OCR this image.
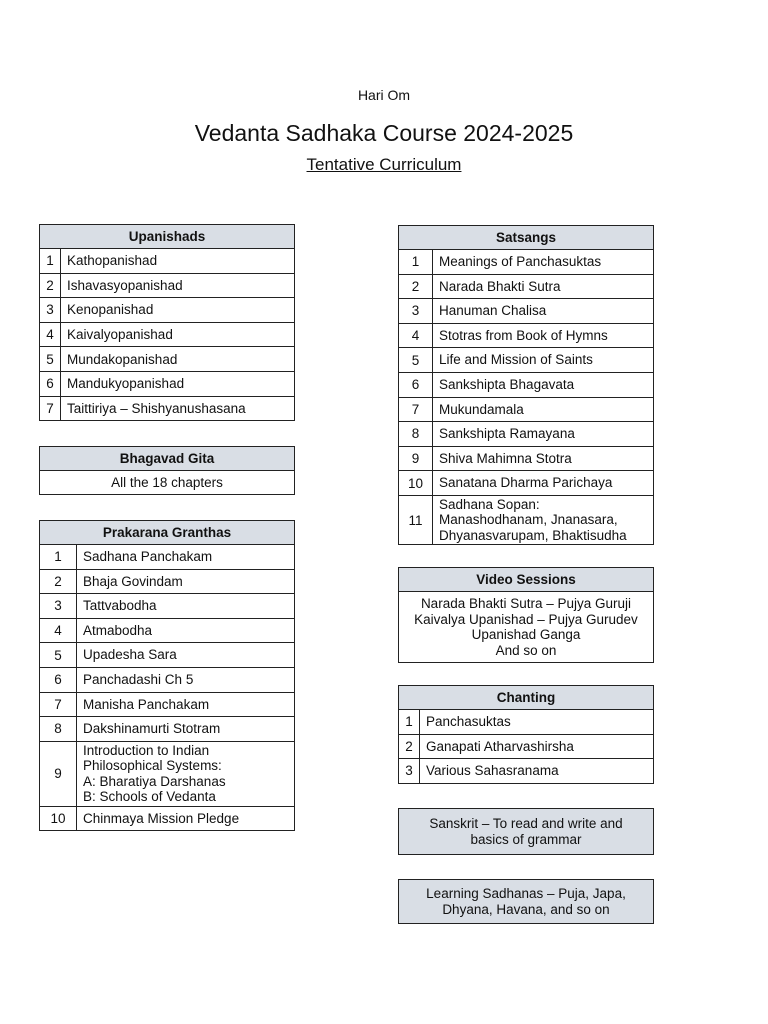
Hari Om
Vedanta Sadhaka Course 2024-2025
Tentative Curriculum
Upanishads	
1	Kathopanishad
2	Ishavasyopanishad
3	Kenopanishad
4	Kaivalyopanishad
5	Mundakopanishad
6	Mandukyopanishad
7	Taittiriya – Shishyanushasana
Bhagavad Gita
All the 18 chapters
Prakarana Granthas	
1	Sadhana Panchakam

2	Bhaja Govindam

3	Tattvabodha

4	Atmabodha

5	Upadesha Sara

6	Panchadashi Ch 5

7	Manisha Panchakam

8	Dakshinamurti Stotram

9	Introduction to Indian
Philosophical Systems:
A: Bharatiya Darshanas
B: Schools of Vedanta

10	Chinmaya Mission Pledge
Satsangs	
1	Meanings of Panchasuktas

2	Narada Bhakti Sutra

3	Hanuman Chalisa

4	Stotras from Book of Hymns

5	Life and Mission of Saints

6	Sankshipta Bhagavata

7	Mukundamala

8	Sankshipta Ramayana

9	Shiva Mahimna Stotra

10	Sanatana Dharma Parichaya

11	Sadhana Sopan:
Manashodhanam, Jnanasara,
Dhyanasvarupam, Bhaktisudha
Video Sessions

Narada Bhakti Sutra – Pujya Guruji
Kaivalya Upanishad – Pujya Gurudev
Upanishad Ganga
And so on
Chanting	
1	Panchasuktas
2	Ganapati Atharvashirsha
3	Various Sahasranama
Sanskrit – To read and write and
basics of grammar
Learning Sadhanas – Puja, Japa,
Dhyana, Havana, and so on
